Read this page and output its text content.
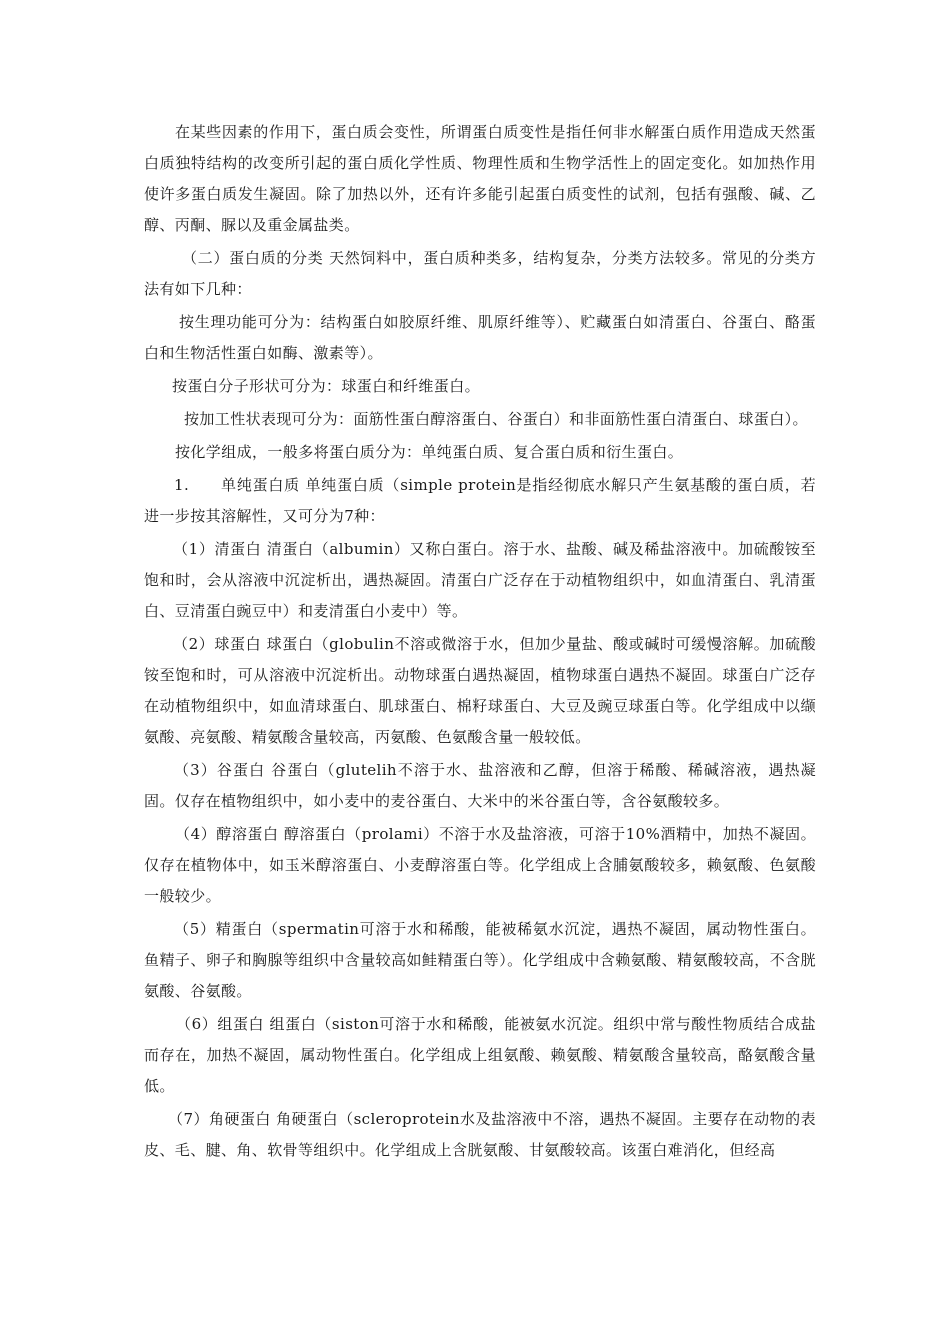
在某些因素的作用下，蛋白质会变性，所谓蛋白质变性是指任何非水解蛋白质作用造成天然蛋白质独特结构的改变所引起的蛋白质化学性质、物理性质和生物学活性上的固定变化。如加热作用使许多蛋白质发生凝固。除了加热以外，还有许多能引起蛋白质变性的试剂，包括有强酸、碱、乙醇、丙酮、脲以及重金属盐类。

（二）蛋白质的分类 天然饲料中，蛋白质种类多，结构复杂，分类方法较多。常见的分类方法有如下几种：

按生理功能可分为：结构蛋白如胶原纤维、肌原纤维等）、贮藏蛋白如清蛋白、谷蛋白、酪蛋白和生物活性蛋白如酶、激素等）。

按蛋白分子形状可分为：球蛋白和纤维蛋白。

按加工性状表现可分为：面筋性蛋白醇溶蛋白、谷蛋白）和非面筋性蛋白清蛋白、球蛋白）。

按化学组成，一般多将蛋白质分为：单纯蛋白质、复合蛋白质和衍生蛋白。

1.　　单纯蛋白质 单纯蛋白质（simple protein是指经彻底水解只产生氨基酸的蛋白质，若进一步按其溶解性，又可分为7种：

（1）清蛋白 清蛋白（albumin）又称白蛋白。溶于水、盐酸、碱及稀盐溶液中。加硫酸铵至饱和时，会从溶液中沉淀析出，遇热凝固。清蛋白广泛存在于动植物组织中，如血清蛋白、乳清蛋白、豆清蛋白豌豆中）和麦清蛋白小麦中）等。

（2）球蛋白 球蛋白（globulin不溶或微溶于水，但加少量盐、酸或碱时可缓慢溶解。加硫酸铵至饱和时，可从溶液中沉淀析出。动物球蛋白遇热凝固，植物球蛋白遇热不凝固。球蛋白广泛存在动植物组织中，如血清球蛋白、肌球蛋白、棉籽球蛋白、大豆及豌豆球蛋白等。化学组成中以缬氨酸、亮氨酸、精氨酸含量较高，丙氨酸、色氨酸含量一般较低。

（3）谷蛋白 谷蛋白（glutelih不溶于水、盐溶液和乙醇，但溶于稀酸、稀碱溶液，遇热凝固。仅存在植物组织中，如小麦中的麦谷蛋白、大米中的米谷蛋白等，含谷氨酸较多。

（4）醇溶蛋白 醇溶蛋白（prolami）不溶于水及盐溶液，可溶于10%酒精中，加热不凝固。仅存在植物体中，如玉米醇溶蛋白、小麦醇溶蛋白等。化学组成上含脯氨酸较多，赖氨酸、色氨酸一般较少。

（5）精蛋白（spermatin可溶于水和稀酸，能被稀氨水沉淀，遇热不凝固，属动物性蛋白。鱼精子、卵子和胸腺等组织中含量较高如鲑精蛋白等）。化学组成中含赖氨酸、精氨酸较高，不含胱氨酸、谷氨酸。

（6）组蛋白 组蛋白（siston可溶于水和稀酸，能被氨水沉淀。组织中常与酸性物质结合成盐而存在，加热不凝固，属动物性蛋白。化学组成上组氨酸、赖氨酸、精氨酸含量较高，酪氨酸含量低。

（7）角硬蛋白 角硬蛋白（scleroprotein水及盐溶液中不溶，遇热不凝固。主要存在动物的表皮、毛、腱、角、软骨等组织中。化学组成上含胱氨酸、甘氨酸较高。该蛋白难消化，但经高
